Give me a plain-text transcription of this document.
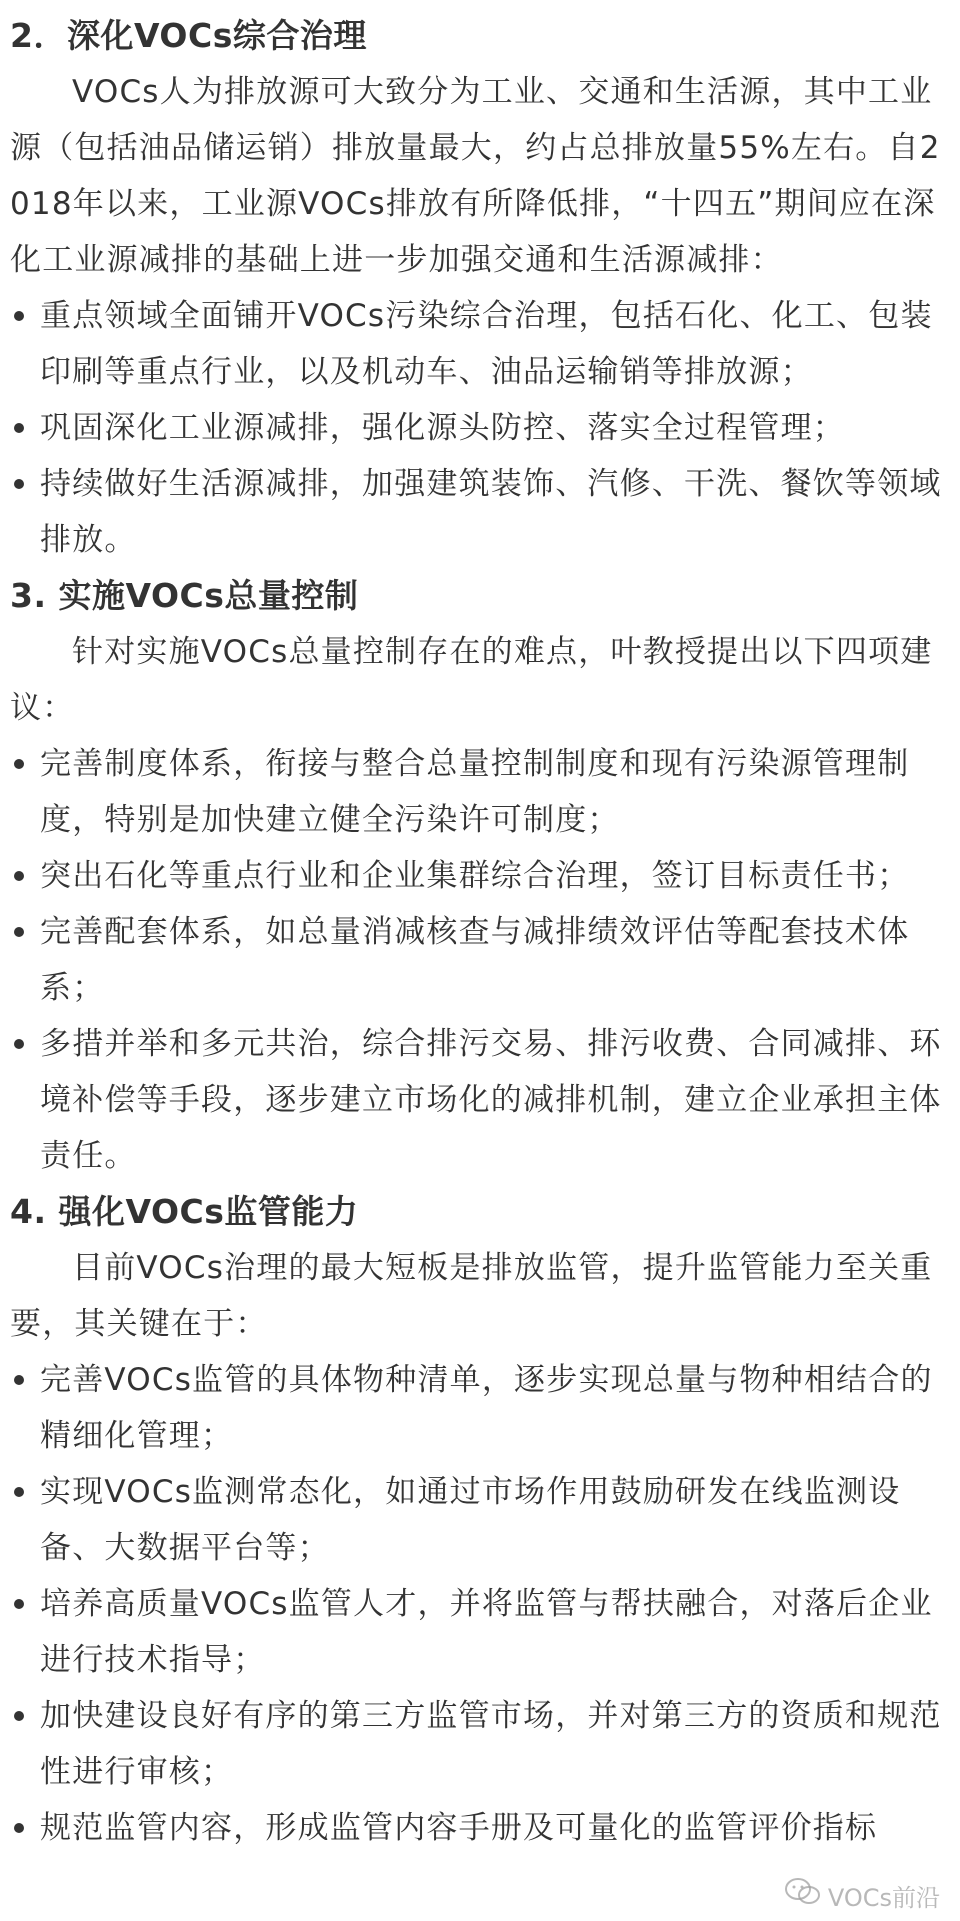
2．深化VOCs综合治理

VOCs人为排放源可大致分为工业、交通和生活源，其中工业源（包括油品储运销）排放量最大，约占总排放量55%左右。自2018年以来，工业源VOCs排放有所降低排，“十四五”期间应在深化工业源减排的基础上进一步加强交通和生活源减排：

重点领域全面铺开VOCs污染综合治理，包括石化、化工、包装印刷等重点行业，以及机动车、油品运输销等排放源；
巩固深化工业源减排，强化源头防控、落实全过程管理；
持续做好生活源减排，加强建筑装饰、汽修、干洗、餐饮等领域排放。
3. 实施VOCs总量控制

针对实施VOCs总量控制存在的难点，叶教授提出以下四项建议：

完善制度体系，衔接与整合总量控制制度和现有污染源管理制度，特别是加快建立健全污染许可制度；
突出石化等重点行业和企业集群综合治理，签订目标责任书；
完善配套体系，如总量消减核查与减排绩效评估等配套技术体系；
多措并举和多元共治，综合排污交易、排污收费、合同减排、环境补偿等手段，逐步建立市场化的减排机制，建立企业承担主体责任。
4. 强化VOCs监管能力

目前VOCs治理的最大短板是排放监管，提升监管能力至关重要，其关键在于：

完善VOCs监管的具体物种清单，逐步实现总量与物种相结合的精细化管理；
实现VOCs监测常态化，如通过市场作用鼓励研发在线监测设备、大数据平台等；
培养高质量VOCs监管人才，并将监管与帮扶融合，对落后企业进行技术指导；
加快建设良好有序的第三方监管市场，并对第三方的资质和规范性进行审核；
规范监管内容，形成监管内容手册及可量化的监管评价指标
VOCs前沿
